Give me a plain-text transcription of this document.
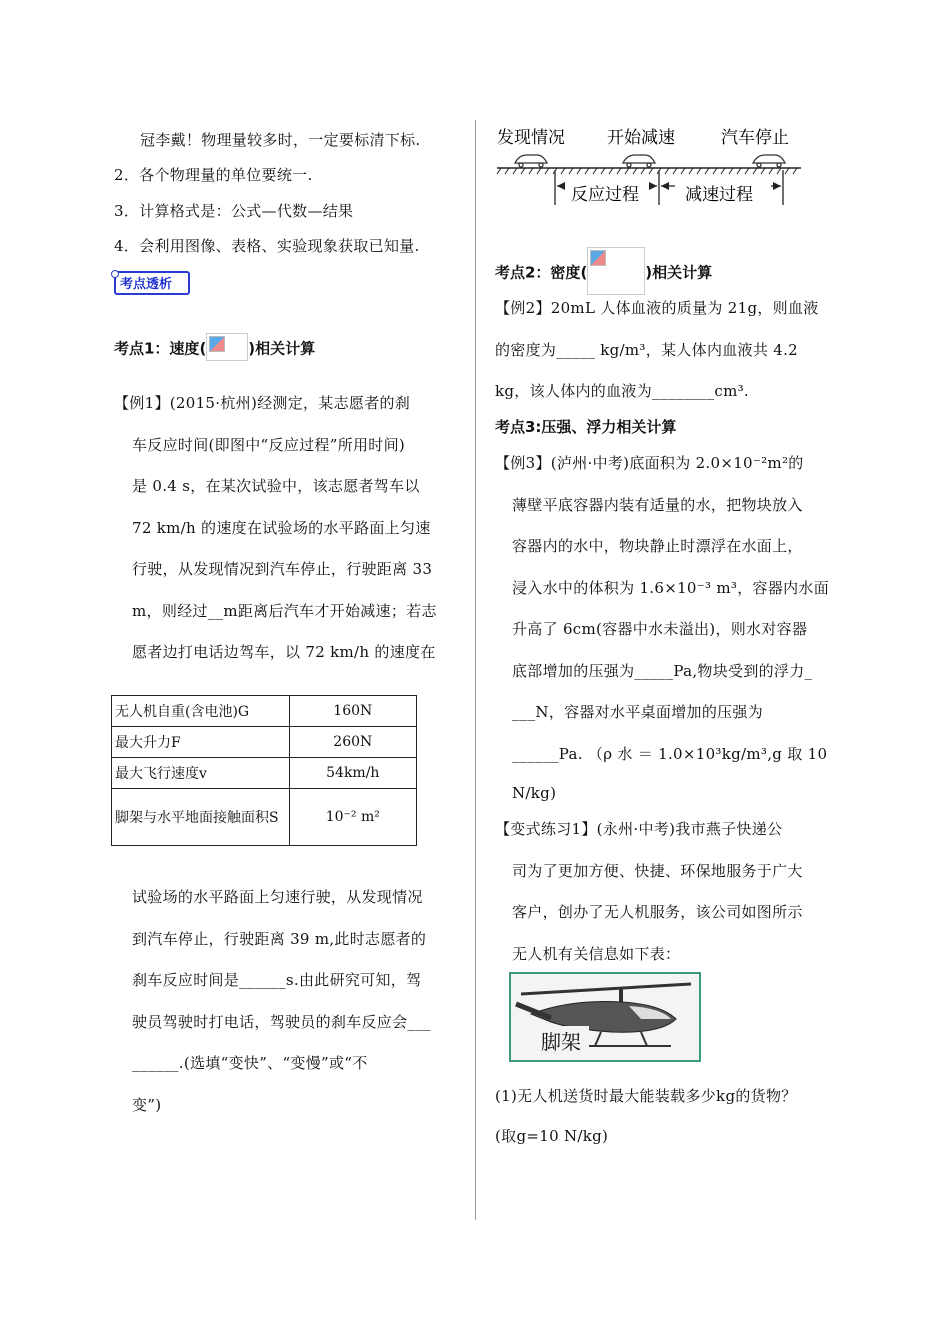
冠李戴！物理量较多时，一定要标清下标.
2．各个物理量的单位要统一.
3．计算格式是：公式—代数—结果
4．会利用图像、表格、实验现象获取已知量.
考点透析
考点1：速度(	)相关计算
【例1】(2015·杭州)经测定，某志愿者的刹
车反应时间(即图中“反应过程”所用时间)
是 0.4 s，在某次试验中，该志愿者驾车以
72 km/h 的速度在试验场的水平路面上匀速
行驶，从发现情况到汽车停止，行驶距离 33
m，则经过__m距离后汽车才开始减速；若志
愿者边打电话边驾车，以 72 km/h 的速度在
无人机自重(含电池)G	160N
最大升力F	260N
最大飞行速度v	54km/h
脚架与水平地面接触面积S	10⁻² m²
试验场的水平路面上匀速行驶，从发现情况
到汽车停止，行驶距离 39 m,此时志愿者的
刹车反应时间是______s.由此研究可知，驾
驶员驾驶时打电话，驾驶员的刹车反应会___
______.(选填“变快”、“变慢”或“不
变”)
发现情况 开始减速	汽车停止
反应过程	减速过程
考点2：密度(	)相关计算
【例2】20mL 人体血液的质量为 21g，则血液
的密度为_____ kg/m³，某人体内血液共 4.2
kg，该人体内的血液为________cm³.
考点3:压强、浮力相关计算
【例3】(泸州·中考)底面积为 2.0×10⁻²m²的
薄壁平底容器内装有适量的水，把物块放入
容器内的水中，物块静止时漂浮在水面上，
浸入水中的体积为 1.6×10⁻³ m³，容器内水面
升高了 6cm(容器中水未溢出)，则水对容器
底部增加的压强为_____Pa,物块受到的浮力_
___N，容器对水平桌面增加的压强为
______Pa. （ρ 水 ＝ 1.0×10³kg/m³,g 取 10
N/kg)
【变式练习1】(永州·中考)我市燕子快递公
司为了更加方便、快捷、环保地服务于广大
客户，创办了无人机服务，该公司如图所示
无人机有关信息如下表：
脚架
(1)无人机送货时最大能装载多少kg的货物？
(取g=10 N/kg)
